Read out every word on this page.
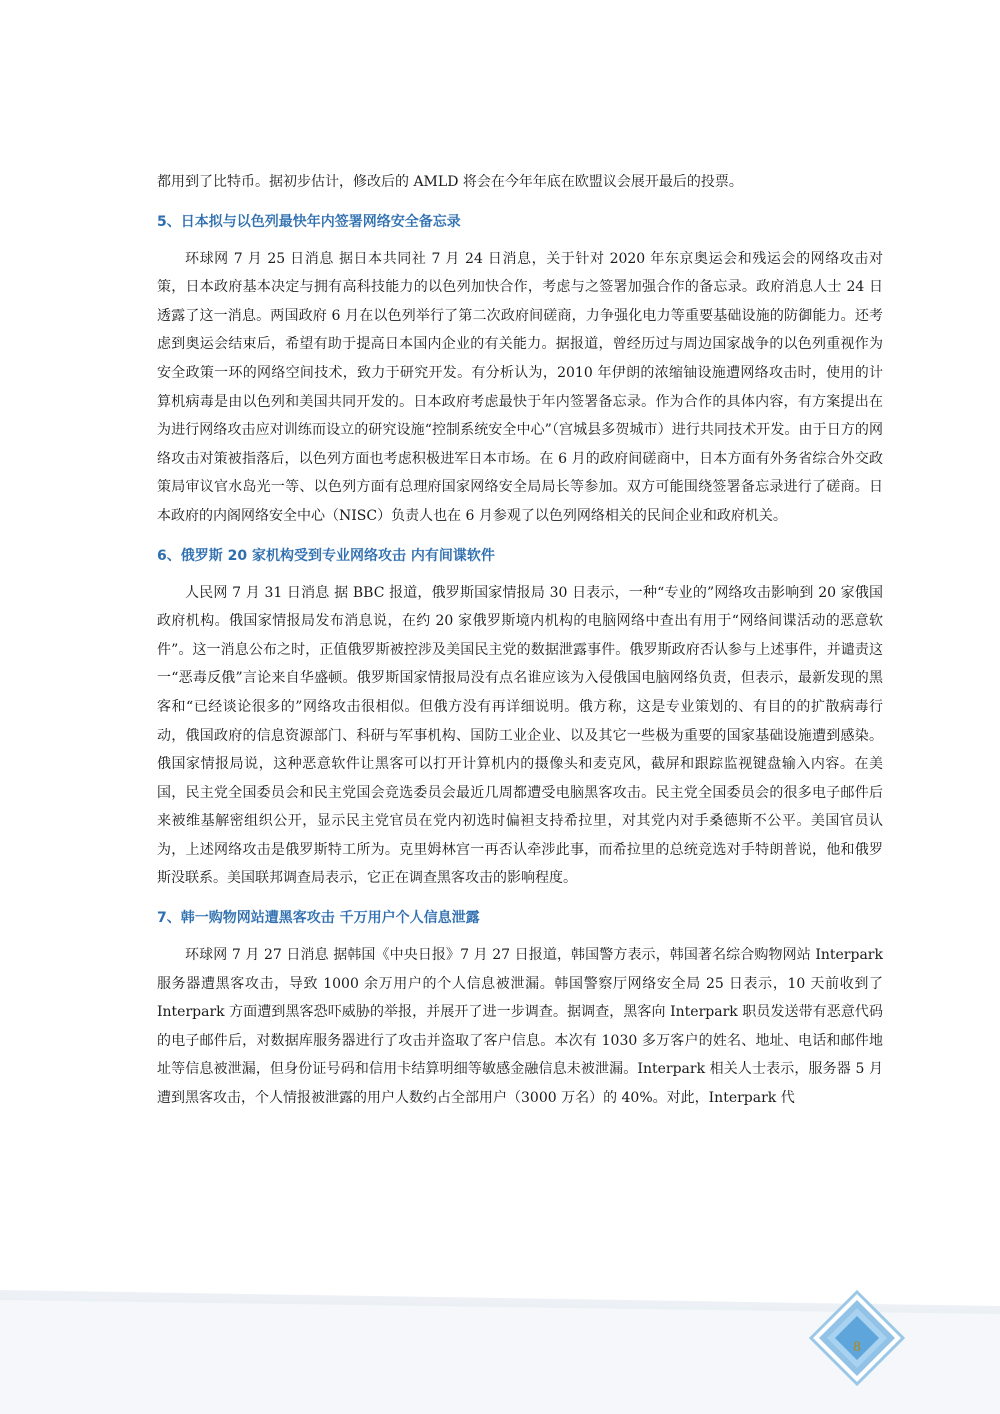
都用到了比特币。据初步估计，修改后的 AMLD 将会在今年年底在欧盟议会展开最后的投票。

5、日本拟与以色列最快年内签署网络安全备忘录

环球网 7 月 25 日消息 据日本共同社 7 月 24 日消息，关于针对 2020 年东京奥运会和残运会的网络攻击对策，日本政府基本决定与拥有高科技能力的以色列加快合作，考虑与之签署加强合作的备忘录。政府消息人士 24 日透露了这一消息。两国政府 6 月在以色列举行了第二次政府间磋商，力争强化电力等重要基础设施的防御能力。还考虑到奥运会结束后，希望有助于提高日本国内企业的有关能力。据报道，曾经历过与周边国家战争的以色列重视作为安全政策一环的网络空间技术，致力于研究开发。有分析认为，2010 年伊朗的浓缩铀设施遭网络攻击时，使用的计算机病毒是由以色列和美国共同开发的。日本政府考虑最快于年内签署备忘录。作为合作的具体内容，有方案提出在为进行网络攻击应对训练而设立的研究设施“控制系统安全中心”（宫城县多贺城市）进行共同技术开发。由于日方的网络攻击对策被指落后，以色列方面也考虑积极进军日本市场。在 6 月的政府间磋商中，日本方面有外务省综合外交政策局审议官水岛光一等、以色列方面有总理府国家网络安全局局长等参加。双方可能围绕签署备忘录进行了磋商。日本政府的内阁网络安全中心（NISC）负责人也在 6 月参观了以色列网络相关的民间企业和政府机关。

6、俄罗斯 20 家机构受到专业网络攻击 内有间谍软件

人民网 7 月 31 日消息 据 BBC 报道，俄罗斯国家情报局 30 日表示，一种“专业的”网络攻击影响到 20 家俄国政府机构。俄国家情报局发布消息说，在约 20 家俄罗斯境内机构的电脑网络中查出有用于“网络间谍活动的恶意软件”。这一消息公布之时，正值俄罗斯被控涉及美国民主党的数据泄露事件。俄罗斯政府否认参与上述事件，并谴责这一“恶毒反俄”言论来自华盛顿。俄罗斯国家情报局没有点名谁应该为入侵俄国电脑网络负责，但表示，最新发现的黑客和“已经谈论很多的”网络攻击很相似。但俄方没有再详细说明。俄方称，这是专业策划的、有目的的扩散病毒行动，俄国政府的信息资源部门、科研与军事机构、国防工业企业、以及其它一些极为重要的国家基础设施遭到感染。俄国家情报局说，这种恶意软件让黑客可以打开计算机内的摄像头和麦克风，截屏和跟踪监视键盘输入内容。在美国，民主党全国委员会和民主党国会竞选委员会最近几周都遭受电脑黑客攻击。民主党全国委员会的很多电子邮件后来被维基解密组织公开，显示民主党官员在党内初选时偏袒支持希拉里，对其党内对手桑德斯不公平。美国官员认为，上述网络攻击是俄罗斯特工所为。克里姆林宫一再否认牵涉此事，而希拉里的总统竞选对手特朗普说，他和俄罗斯没联系。美国联邦调查局表示，它正在调查黑客攻击的影响程度。

7、韩一购物网站遭黑客攻击 千万用户个人信息泄露

环球网 7 月 27 日消息 据韩国《中央日报》7 月 27 日报道，韩国警方表示，韩国著名综合购物网站 Interpark 服务器遭黑客攻击，导致 1000 余万用户的个人信息被泄漏。韩国警察厅网络安全局 25 日表示，10 天前收到了 Interpark 方面遭到黑客恐吓威胁的举报，并展开了进一步调查。据调查，黑客向 Interpark 职员发送带有恶意代码的电子邮件后，对数据库服务器进行了攻击并盗取了客户信息。本次有 1030 多万客户的姓名、地址、电话和邮件地址等信息被泄漏，但身份证号码和信用卡结算明细等敏感金融信息未被泄漏。Interpark 相关人士表示，服务器 5 月遭到黑客攻击，个人情报被泄露的用户人数约占全部用户（3000 万名）的 40%。对此，Interpark 代

8
